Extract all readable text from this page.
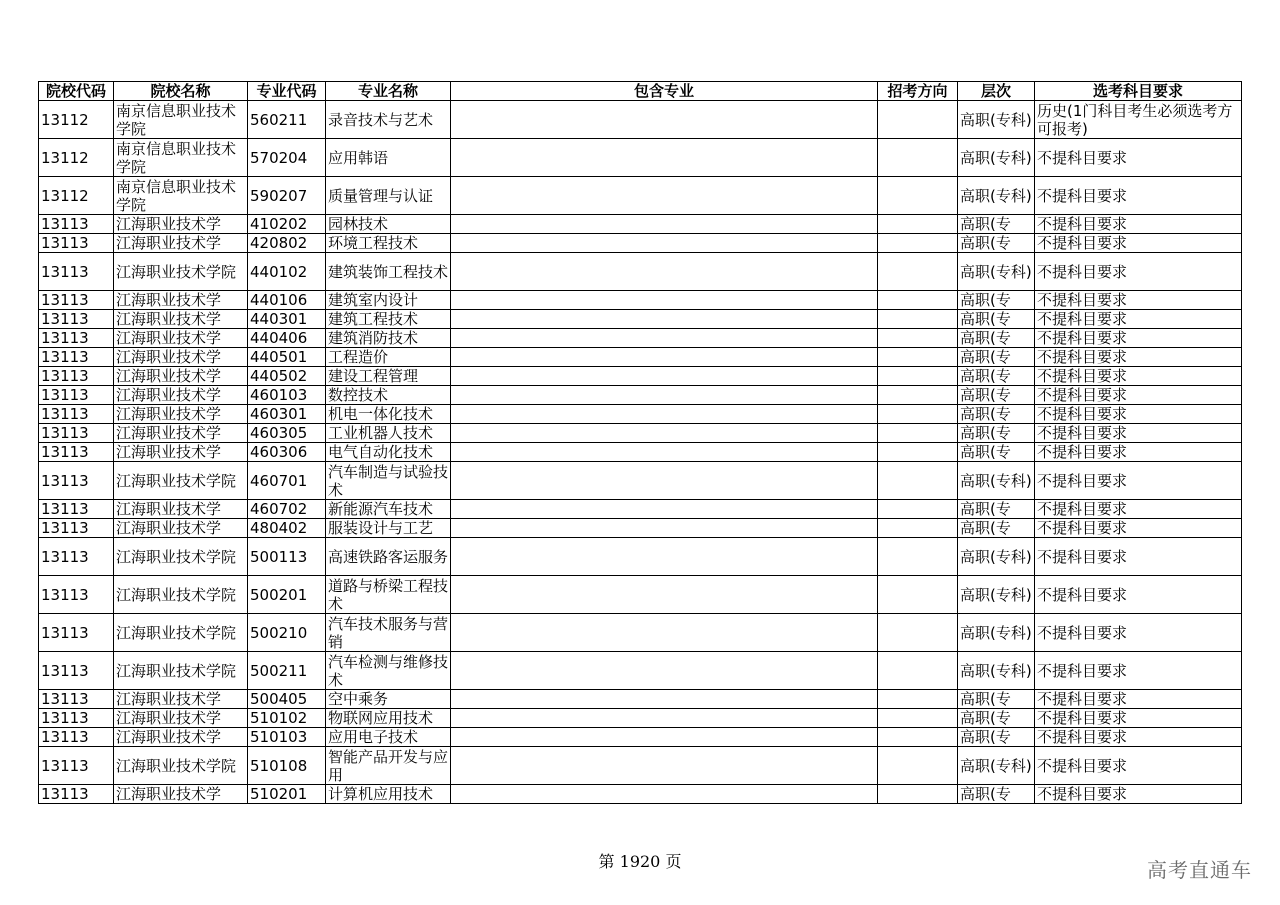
院校代码	院校名称	专业代码	专业名称	包含专业	招考方向	层次	选考科目要求
13112	南京信息职业技术学院	560211	录音技术与艺术			高职(专科)	历史(1门科目考生必须选考方可报考)
13112	南京信息职业技术学院	570204	应用韩语			高职(专科)	不提科目要求
13112	南京信息职业技术学院	590207	质量管理与认证			高职(专科)	不提科目要求
13113	江海职业技术学	410202	园林技术			高职(专	不提科目要求
13113	江海职业技术学	420802	环境工程技术			高职(专	不提科目要求
13113	江海职业技术学院	440102	建筑装饰工程技术			高职(专科)	不提科目要求
13113	江海职业技术学	440106	建筑室内设计			高职(专	不提科目要求
13113	江海职业技术学	440301	建筑工程技术			高职(专	不提科目要求
13113	江海职业技术学	440406	建筑消防技术			高职(专	不提科目要求
13113	江海职业技术学	440501	工程造价			高职(专	不提科目要求
13113	江海职业技术学	440502	建设工程管理			高职(专	不提科目要求
13113	江海职业技术学	460103	数控技术			高职(专	不提科目要求
13113	江海职业技术学	460301	机电一体化技术			高职(专	不提科目要求
13113	江海职业技术学	460305	工业机器人技术			高职(专	不提科目要求
13113	江海职业技术学	460306	电气自动化技术			高职(专	不提科目要求
13113	江海职业技术学院	460701	汽车制造与试验技术			高职(专科)	不提科目要求
13113	江海职业技术学	460702	新能源汽车技术			高职(专	不提科目要求
13113	江海职业技术学	480402	服装设计与工艺			高职(专	不提科目要求
13113	江海职业技术学院	500113	高速铁路客运服务			高职(专科)	不提科目要求
13113	江海职业技术学院	500201	道路与桥梁工程技术			高职(专科)	不提科目要求
13113	江海职业技术学院	500210	汽车技术服务与营销			高职(专科)	不提科目要求
13113	江海职业技术学院	500211	汽车检测与维修技术			高职(专科)	不提科目要求
13113	江海职业技术学	500405	空中乘务			高职(专	不提科目要求
13113	江海职业技术学	510102	物联网应用技术			高职(专	不提科目要求
13113	江海职业技术学	510103	应用电子技术			高职(专	不提科目要求
13113	江海职业技术学院	510108	智能产品开发与应用			高职(专科)	不提科目要求
13113	江海职业技术学	510201	计算机应用技术			高职(专	不提科目要求
第 1920 页	高考直通车
